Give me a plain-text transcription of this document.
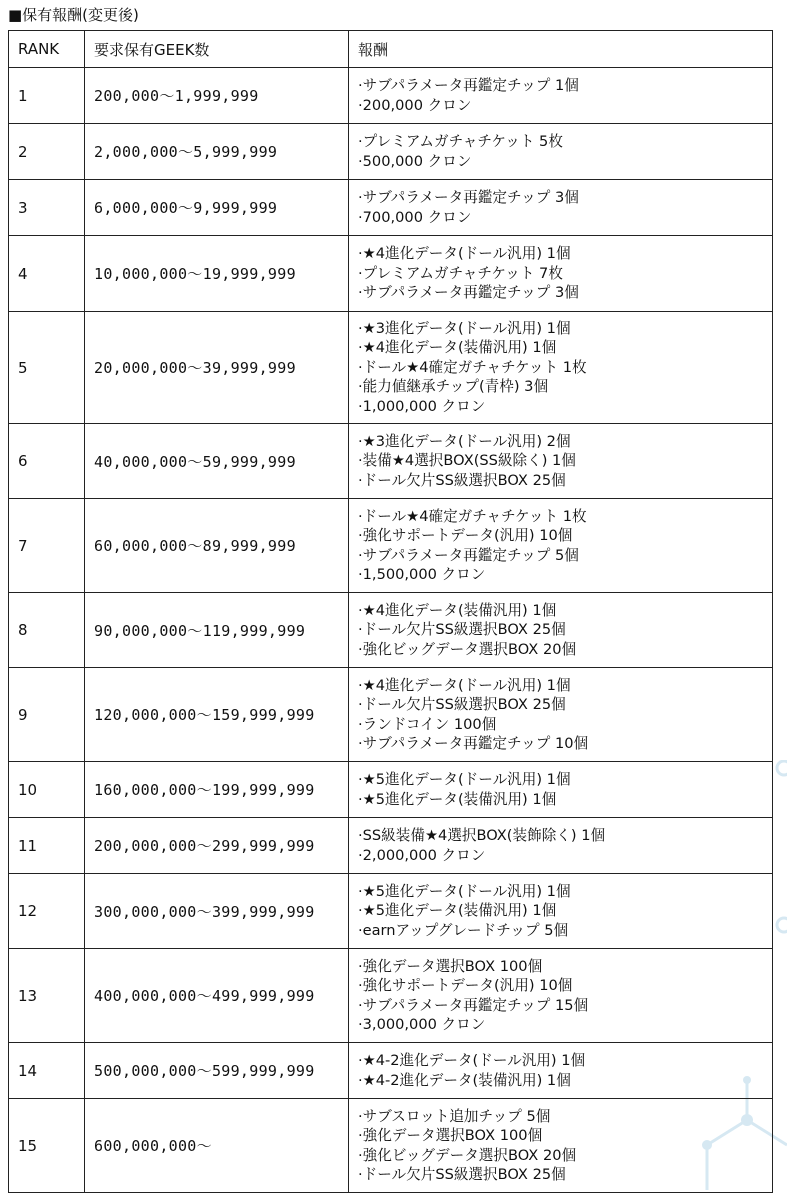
■保有報酬(変更後)
RANK	要求保有GEEK数	報酬
1	200,000〜1,999,999	·サブパラメータ再鑑定チップ 1個
·200,000 クロン

2	2,000,000〜5,999,999	·プレミアムガチャチケット 5枚
·500,000 クロン

3	6,000,000〜9,999,999	·サブパラメータ再鑑定チップ 3個
·700,000 クロン

4	10,000,000〜19,999,999	·★4進化データ(ドール汎用) 1個
·プレミアムガチャチケット 7枚
·サブパラメータ再鑑定チップ 3個

5	20,000,000〜39,999,999	·★3進化データ(ドール汎用) 1個
·★4進化データ(装備汎用) 1個
·ドール★4確定ガチャチケット 1枚
·能力値継承チップ(青枠) 3個
·1,000,000 クロン

6	40,000,000〜59,999,999	·★3進化データ(ドール汎用) 2個
·装備★4選択BOX(SS級除く) 1個
·ドール欠片SS級選択BOX 25個

7	60,000,000〜89,999,999	·ドール★4確定ガチャチケット 1枚
·強化サポートデータ(汎用) 10個
·サブパラメータ再鑑定チップ 5個
·1,500,000 クロン

8	90,000,000〜119,999,999	·★4進化データ(装備汎用) 1個
·ドール欠片SS級選択BOX 25個
·強化ビッグデータ選択BOX 20個

9	120,000,000〜159,999,999	·★4進化データ(ドール汎用) 1個
·ドール欠片SS級選択BOX 25個
·ランドコイン 100個
·サブパラメータ再鑑定チップ 10個

10	160,000,000〜199,999,999	·★5進化データ(ドール汎用) 1個
·★5進化データ(装備汎用) 1個

11	200,000,000〜299,999,999	·SS級装備★4選択BOX(装飾除く) 1個
·2,000,000 クロン

12	300,000,000〜399,999,999	·★5進化データ(ドール汎用) 1個
·★5進化データ(装備汎用) 1個
·earnアップグレードチップ 5個

13	400,000,000〜499,999,999	·強化データ選択BOX 100個
·強化サポートデータ(汎用) 10個
·サブパラメータ再鑑定チップ 15個
·3,000,000 クロン

14	500,000,000〜599,999,999	·★4-2進化データ(ドール汎用) 1個
·★4-2進化データ(装備汎用) 1個

15	600,000,000〜	·サブスロット追加チップ 5個
·強化データ選択BOX 100個
·強化ビッグデータ選択BOX 20個
·ドール欠片SS級選択BOX 25個
